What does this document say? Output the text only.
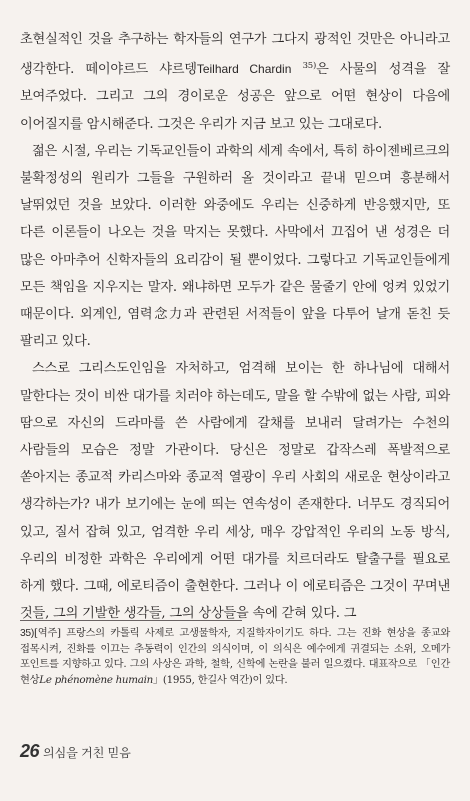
초현실적인 것을 추구하는 학자들의 연구가 그다지 광적인 것만은 아니라고 생각한다. 떼이야르드 샤르뎅Teilhard Chardin $^{35)}$은 사물의 성격을 잘 보여주었다. 그리고 그의 경이로운 성공은 앞으로 어떤 현상이 다음에 이어질지를 암시해준다. 그것은 우리가 지금 보고 있는 그대로다.

젊은 시절, 우리는 기독교인들이 과학의 세계 속에서, 특히 하이젠베르크의 불확정성의 원리가 그들을 구원하러 올 것이라고 끝내 믿으며 흥분해서 날뛰었던 것을 보았다. 이러한 와중에도 우리는 신중하게 반응했지만, 또 다른 이론들이 나오는 것을 막지는 못했다. 사막에서 끄집어 낸 성경은 더 많은 아마추어 신학자들의 요리감이 될 뿐이었다. 그렇다고 기독교인들에게 모든 책임을 지우지는 말자. 왜냐하면 모두가 같은 물줄기 안에 엉켜 있었기 때문이다. 외계인, 염력念力과 관련된 서적들이 앞을 다투어 날개 돋친 듯 팔리고 있다.

스스로 그리스도인임을 자처하고, 엄격해 보이는 한 하나님에 대해서 말한다는 것이 비싼 대가를 치러야 하는데도, 말을 할 수밖에 없는 사람, 피와 땀으로 자신의 드라마를 쓴 사람에게 갈채를 보내러 달려가는 수천의 사람들의 모습은 정말 가관이다. 당신은 정말로 갑작스레 폭발적으로 쏟아지는 종교적 카리스마와 종교적 열광이 우리 사회의 새로운 현상이라고 생각하는가? 내가 보기에는 눈에 띄는 연속성이 존재한다. 너무도 경직되어 있고, 질서 잡혀 있고, 엄격한 우리 세상, 매우 강압적인 우리의 노동 방식, 우리의 비정한 과학은 우리에게 어떤 대가를 치르더라도 탈출구를 필요로 하게 했다. 그때, 에로티즘이 출현한다. 그러나 이 에로티즘은 그것이 꾸며낸 것들, 그의 기발한 생각들, 그의 상상들을 속에 갇혀 있다. 그

35)[역주] 프랑스의 카톨릭 사제로 고생물학자, 지질학자이기도 하다. 그는 진화 현상을 종교와 접목시켜, 진화를 이끄는 추동력이 인간의 의식이며, 이 의식은 예수에게 귀결되는 소위, 오메가 포인트를 지향하고 있다. 그의 사상은 과학, 철학, 신학에 논란을 불러 일으켰다. 대표작으로 「인간 현상Le phénomène humain」(1955, 한길사 역간)이 있다.

26 의심을 거친 믿음
